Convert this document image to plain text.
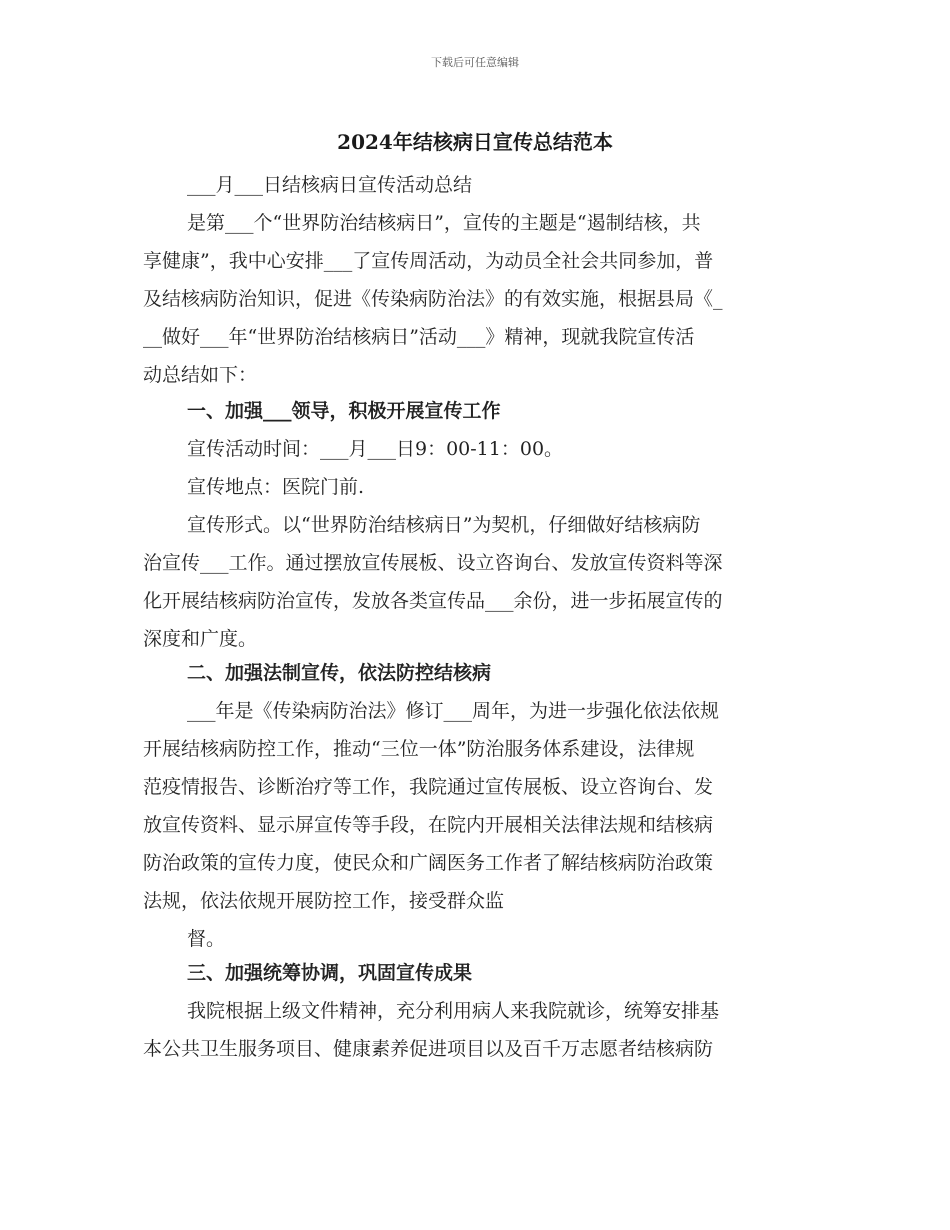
下载后可任意编辑
2024年结核病日宣传总结范本
___月___日结核病日宣传活动总结
是第___个“世界防治结核病日”，宣传的主题是“遏制结核，共
享健康”，我中心安排___了宣传周活动，为动员全社会共同参加，普
及结核病防治知识，促进《传染病防治法》的有效实施，根据县局《_
__做好___年“世界防治结核病日”活动___》精神，现就我院宣传活
动总结如下：
一、加强___领导，积极开展宣传工作
宣传活动时间：___月___日9：00-11：00。
宣传地点：医院门前.
宣传形式。以“世界防治结核病日”为契机，仔细做好结核病防
治宣传___工作。通过摆放宣传展板、设立咨询台、发放宣传资料等深
化开展结核病防治宣传，发放各类宣传品___余份，进一步拓展宣传的
深度和广度。
二、加强法制宣传，依法防控结核病
___年是《传染病防治法》修订___周年，为进一步强化依法依规
开展结核病防控工作，推动“三位一体”防治服务体系建设，法律规
范疫情报告、诊断治疗等工作，我院通过宣传展板、设立咨询台、发
放宣传资料、显示屏宣传等手段，在院内开展相关法律法规和结核病
防治政策的宣传力度，使民众和广阔医务工作者了解结核病防治政策
法规，依法依规开展防控工作，接受群众监
督。
三、加强统筹协调，巩固宣传成果
我院根据上级文件精神，充分利用病人来我院就诊，统筹安排基
本公共卫生服务项目、健康素养促进项目以及百千万志愿者结核病防
